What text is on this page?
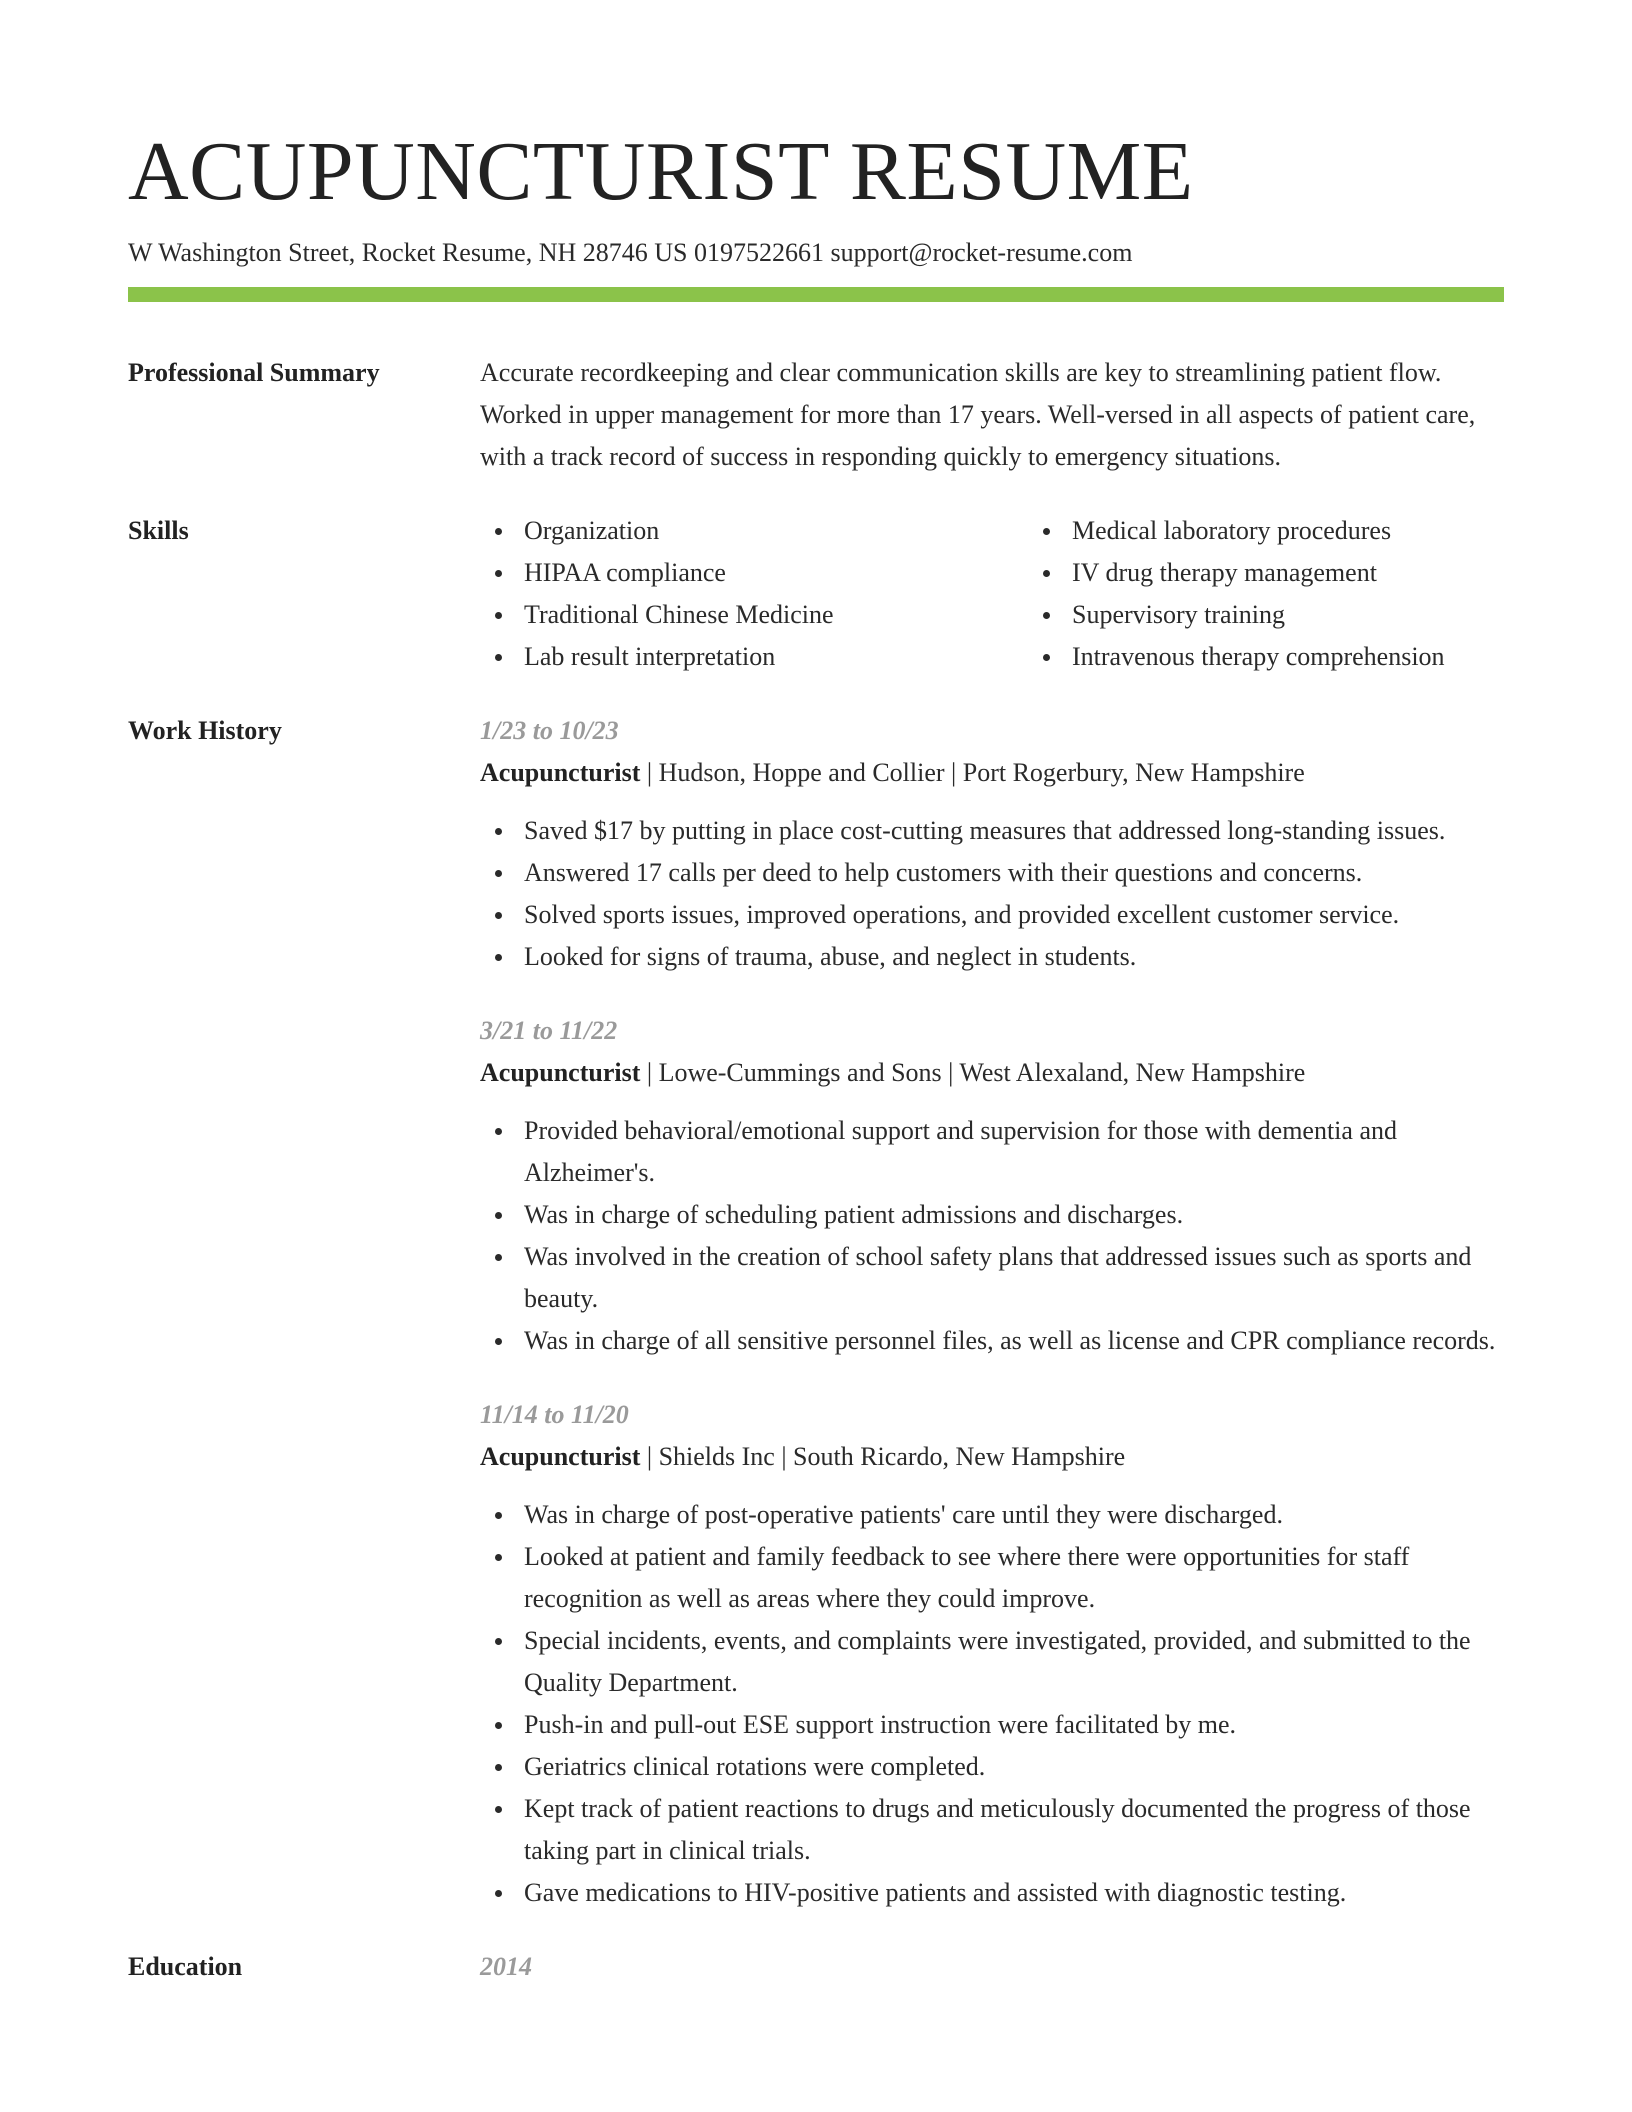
ACUPUNCTURIST RESUME
W Washington Street, Rocket Resume, NH 28746 US 0197522661 support@rocket-resume.com
Professional Summary	Accurate recordkeeping and clear communication skills are key to streamlining patient flow. Worked in upper management for more than 17 years. Well-versed in all aspects of patient care, with a track record of success in responding quickly to emergency situations.
Skills	Organization
HIPAA compliance
Traditional Chinese Medicine
Lab result interpretation
Medical laboratory procedures
IV drug therapy management
Supervisory training
Intravenous therapy comprehension
Work History	1/23 to 10/23
Acupuncturist | Hudson, Hoppe and Collier | Port Rogerbury, New Hampshire
Saved $17 by putting in place cost-cutting measures that addressed long-standing issues.
Answered 17 calls per deed to help customers with their questions and concerns.
Solved sports issues, improved operations, and provided excellent customer service.
Looked for signs of trauma, abuse, and neglect in students.
3/21 to 11/22
Acupuncturist | Lowe-Cummings and Sons | West Alexaland, New Hampshire
Provided behavioral/emotional support and supervision for those with dementia and Alzheimer's.
Was in charge of scheduling patient admissions and discharges.
Was involved in the creation of school safety plans that addressed issues such as sports and beauty.
Was in charge of all sensitive personnel files, as well as license and CPR compliance records.
11/14 to 11/20
Acupuncturist | Shields Inc | South Ricardo, New Hampshire
Was in charge of post-operative patients' care until they were discharged.
Looked at patient and family feedback to see where there were opportunities for staff recognition as well as areas where they could improve.
Special incidents, events, and complaints were investigated, provided, and submitted to the Quality Department.
Push-in and pull-out ESE support instruction were facilitated by me.
Geriatrics clinical rotations were completed.
Kept track of patient reactions to drugs and meticulously documented the progress of those taking part in clinical trials.
Gave medications to HIV-positive patients and assisted with diagnostic testing.
Education	2014
